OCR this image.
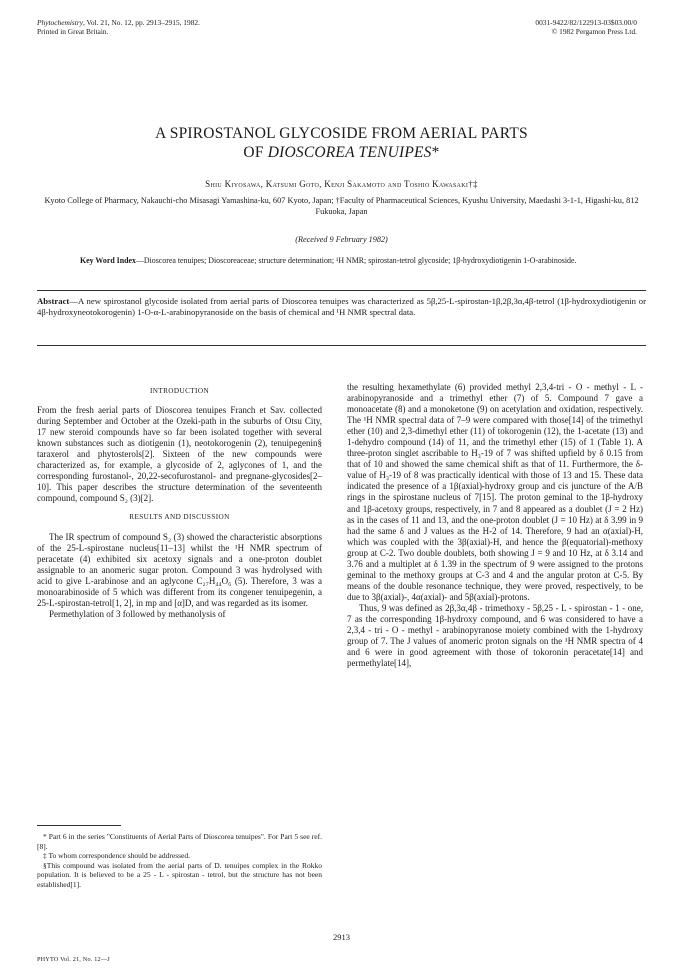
Phytochemistry, Vol. 21, No. 12, pp. 2913–2915, 1982.
Printed in Great Britain.
0031-9422/82/122913-03$03.00/0
© 1982 Pergamon Press Ltd.
A SPIROSTANOL GLYCOSIDE FROM AERIAL PARTS
OF DIOSCOREA TENUIPES*
Shiu Kiyosawa, Katsumi Goto, Kenji Sakamoto and Toshio Kawasaki†‡
Kyoto College of Pharmacy, Nakauchi-cho Misasagi Yamashina-ku, 607 Kyoto, Japan; †Faculty of Pharmaceutical Sciences, Kyushu University, Maedashi 3-1-1, Higashi-ku, 812 Fukuoka, Japan
(Received 9 February 1982)
Key Word Index—Dioscorea tenuipes; Dioscoreaceae; structure determination; ¹H NMR; spirostan-tetrol glycoside; 1β-hydroxydiotigenin 1-O-arabinoside.
Abstract—A new spirostanol glycoside isolated from aerial parts of Dioscorea tenuipes was characterized as 5β,25-L-spirostan-1β,2β,3α,4β-tetrol (1β-hydroxydiotigenin or 4β-hydroxyneotokorogenin) 1-O-α-L-arabinopyranoside on the basis of chemical and ¹H NMR spectral data.
INTRODUCTION

From the fresh aerial parts of Dioscorea tenuipes Franch et Sav. collected during September and October at the Ozeki-path in the suburbs of Otsu City, 17 new steroid compounds have so far been isolated together with several known substances such as diotigenin (1), neotokorogenin (2), tenuipegenin§ taraxerol and phytosterols[2]. Sixteen of the new compounds were characterized as, for example, a glycoside of 2, aglycones of 1, and the corresponding furostanol-, 20,22-secofurostanol- and pregnane-glycosides[2–10]. This paper describes the structure determination of the seventeenth compound, compound S₂ (3)[2].

RESULTS AND DISCUSSION

The IR spectrum of compound S₂ (3) showed the characteristic absorptions of the 25-L-spirostane nucleus[11–13] whilst the ¹H NMR spectrum of peracetate (4) exhibited six acetoxy signals and a one-proton doublet assignable to an anomeric sugar proton. Compound 3 was hydrolysed with acid to give L-arabinose and an aglycone C₂₇H₄₄O₆ (5). Therefore, 3 was a monoarabinoside of 5 which was different from its congener tenuipegenin, a 25-L-spirostan-tetrol[1, 2], in mp and [α]D, and was regarded as its isomer.

Permethylation of 3 followed by methanolysis of

* Part 6 in the series "Constituents of Aerial Parts of Dioscorea tenuipes". For Part 5 see ref. [8].

‡ To whom correspondence should be addressed.

§This compound was isolated from the aerial parts of D. tenuipes complex in the Rokko population. It is believed to be a 25 - L - spirostan - tetrol, but the structure has not been established[1].

the resulting hexamethylate (6) provided methyl 2,3,4-tri - O - methyl - L - arabinopyranoside and a trimethyl ether (7) of 5. Compound 7 gave a monoacetate (8) and a monoketone (9) on acetylation and oxidation, respectively. The ¹H NMR spectral data of 7–9 were compared with those[14] of the trimethyl ether (10) and 2,3-dimethyl ether (11) of tokorogenin (12), the 1-acetate (13) and 1-dehydro compound (14) of 11, and the trimethyl ether (15) of 1 (Table 1). A three-proton singlet ascribable to H₃-19 of 7 was shifted upfield by δ 0.15 from that of 10 and showed the same chemical shift as that of 11. Furthermore, the δ-value of H₃-19 of 8 was practically identical with those of 13 and 15. These data indicated the presence of a 1β(axial)-hydroxy group and cis juncture of the A/B rings in the spirostane nucleus of 7[15]. The proton geminal to the 1β-hydroxy and 1β-acetoxy groups, respectively, in 7 and 8 appeared as a doublet (J = 2 Hz) as in the cases of 11 and 13, and the one-proton doublet (J = 10 Hz) at δ 3.99 in 9 had the same δ and J values as the H-2 of 14. Therefore, 9 had an α(axial)-H, which was coupled with the 3β(axial)-H, and hence the β(equatorial)-methoxy group at C-2. Two double doublets, both showing J = 9 and 10 Hz, at δ 3.14 and 3.76 and a multiplet at δ 1.39 in the spectrum of 9 were assigned to the protons geminal to the methoxy groups at C-3 and 4 and the angular proton at C-5. By means of the double resonance technique, they were proved, respectively, to be due to 3β(axial)-, 4α(axial)- and 5β(axial)-protons.

Thus, 9 was defined as 2β,3α,4β - trimethoxy - 5β,25 - L - spirostan - 1 - one, 7 as the corresponding 1β-hydroxy compound, and 6 was considered to have a 2,3,4 - tri - O - methyl - arabinopyranose moiety combined with the 1-hydroxy group of 7. The J values of anomeric proton signals on the ¹H NMR spectra of 4 and 6 were in good agreement with those of tokoronin peracetate[14] and permethylate[14],

2913
PHYTO Vol. 21, No. 12—J
